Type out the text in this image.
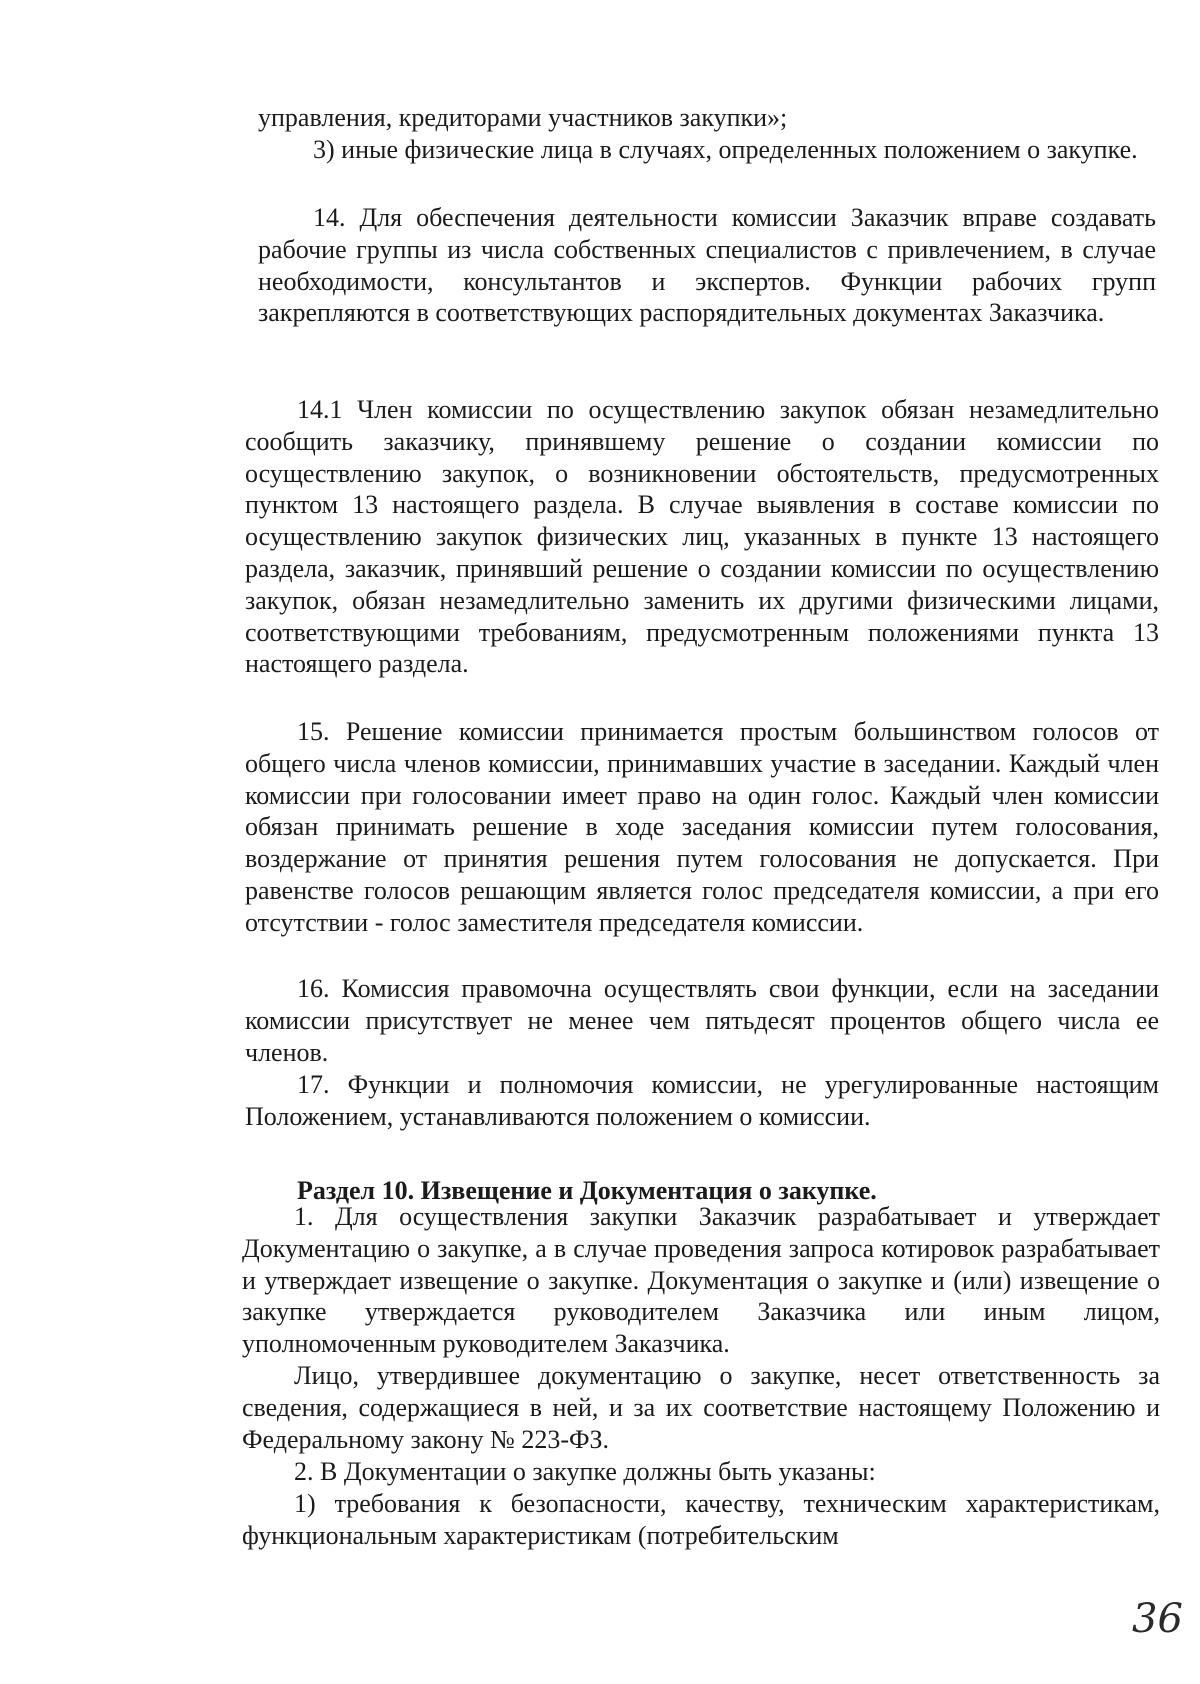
управления, кредиторами участников закупки»;

3) иные физические лица в случаях, определенных положением о закупке.

14. Для обеспечения деятельности комиссии Заказчик вправе создавать рабочие группы из числа собственных специалистов с привлечением, в случае необходимости, консультантов и экспертов. Функции рабочих групп закрепляются в соответствующих распорядительных документах Заказчика.

14.1 Член комиссии по осуществлению закупок обязан незамедлительно сообщить заказчику, принявшему решение о создании комиссии по осуществлению закупок, о возникновении обстоятельств, предусмотренных пунктом 13 настоящего раздела. В случае выявления в составе комиссии по осуществлению закупок физических лиц, указанных в пункте 13 настоящего раздела, заказчик, принявший решение о создании комиссии по осуществлению закупок, обязан незамедлительно заменить их другими физическими лицами, соответствующими требованиям, предусмотренным положениями пункта 13 настоящего раздела.

15. Решение комиссии принимается простым большинством голосов от общего числа членов комиссии, принимавших участие в заседании. Каждый член комиссии при голосовании имеет право на один голос. Каждый член комиссии обязан принимать решение в ходе заседания комиссии путем голосования, воздержание от принятия решения путем голосования не допускается. При равенстве голосов решающим является голос председателя комиссии, а при его отсутствии - голос заместителя председателя комиссии.

16. Комиссия правомочна осуществлять свои функции, если на заседании комиссии присутствует не менее чем пятьдесят процентов общего числа ее членов.

17. Функции и полномочия комиссии, не урегулированные настоящим Положением, устанавливаются положением о комиссии.

Раздел 10. Извещение и Документация о закупке.

1. Для осуществления закупки Заказчик разрабатывает и утверждает Документацию о закупке, а в случае проведения запроса котировок разрабатывает и утверждает извещение о закупке. Документация о закупке и (или) извещение о закупке утверждается руководителем Заказчика или иным лицом, уполномоченным руководителем Заказчика.

Лицо, утвердившее документацию о закупке, несет ответственность за сведения, содержащиеся в ней, и за их соответствие настоящему Положению и Федеральному закону № 223-ФЗ.

2. В Документации о закупке должны быть указаны:

1) требования к безопасности, качеству, техническим характеристикам, функциональным характеристикам (потребительским

36
